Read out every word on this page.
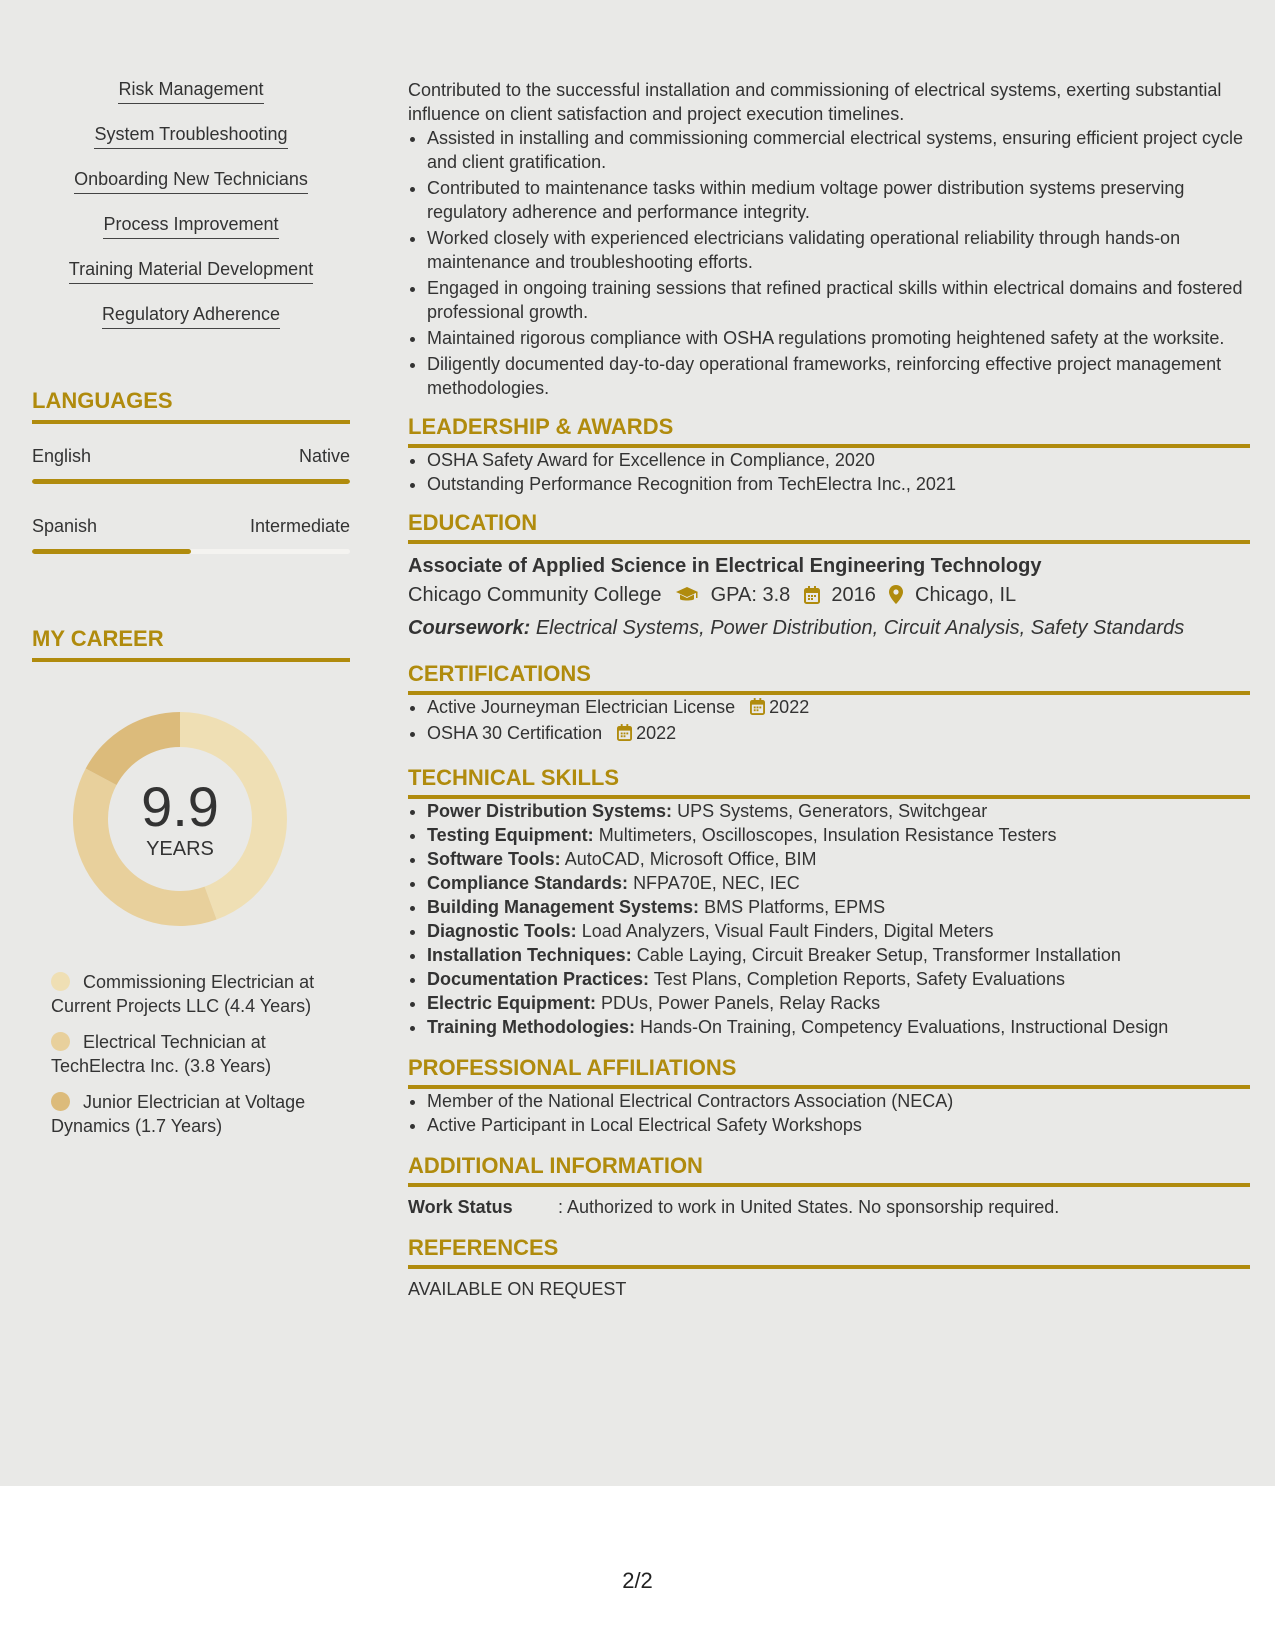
Risk Management
System Troubleshooting
Onboarding New Technicians
Process Improvement
Training Material Development
Regulatory Adherence
LANGUAGES
English	Native
Spanish	Intermediate
MY CAREER
9.9
YEARS
Commissioning Electrician at Current Projects LLC (4.4 Years)
Electrical Technician at TechElectra Inc. (3.8 Years)
Junior Electrician at Voltage Dynamics (1.7 Years)

Contributed to the successful installation and commissioning of electrical systems, exerting substantial influence on client satisfaction and project execution timelines.

• Assisted in installing and commissioning commercial electrical systems, ensuring efficient project cycle and client gratification.
• Contributed to maintenance tasks within medium voltage power distribution systems preserving regulatory adherence and performance integrity.
• Worked closely with experienced electricians validating operational reliability through hands-on maintenance and troubleshooting efforts.
• Engaged in ongoing training sessions that refined practical skills within electrical domains and fostered professional growth.
• Maintained rigorous compliance with OSHA regulations promoting heightened safety at the worksite.
• Diligently documented day-to-day operational frameworks, reinforcing effective project management methodologies.
LEADERSHIP & AWARDS
• OSHA Safety Award for Excellence in Compliance, 2020
• Outstanding Performance Recognition from TechElectra Inc., 2021
EDUCATION
Associate of Applied Science in Electrical Engineering Technology
Chicago Community College GPA: 3.8 2016 Chicago, IL
Coursework: Electrical Systems, Power Distribution, Circuit Analysis, Safety Standards
CERTIFICATIONS
• Active Journeyman Electrician License 2022
• OSHA 30 Certification 2022
TECHNICAL SKILLS
• Power Distribution Systems: UPS Systems, Generators, Switchgear
• Testing Equipment: Multimeters, Oscilloscopes, Insulation Resistance Testers
• Software Tools: AutoCAD, Microsoft Office, BIM
• Compliance Standards: NFPA70E, NEC, IEC
• Building Management Systems: BMS Platforms, EPMS
• Diagnostic Tools: Load Analyzers, Visual Fault Finders, Digital Meters
• Installation Techniques: Cable Laying, Circuit Breaker Setup, Transformer Installation
• Documentation Practices: Test Plans, Completion Reports, Safety Evaluations
• Electric Equipment: PDUs, Power Panels, Relay Racks
• Training Methodologies: Hands-On Training, Competency Evaluations, Instructional Design
PROFESSIONAL AFFILIATIONS
• Member of the National Electrical Contractors Association (NECA)
• Active Participant in Local Electrical Safety Workshops
ADDITIONAL INFORMATION
Work Status	: Authorized to work in United States. No sponsorship required.
REFERENCES
AVAILABLE ON REQUEST
2/2
